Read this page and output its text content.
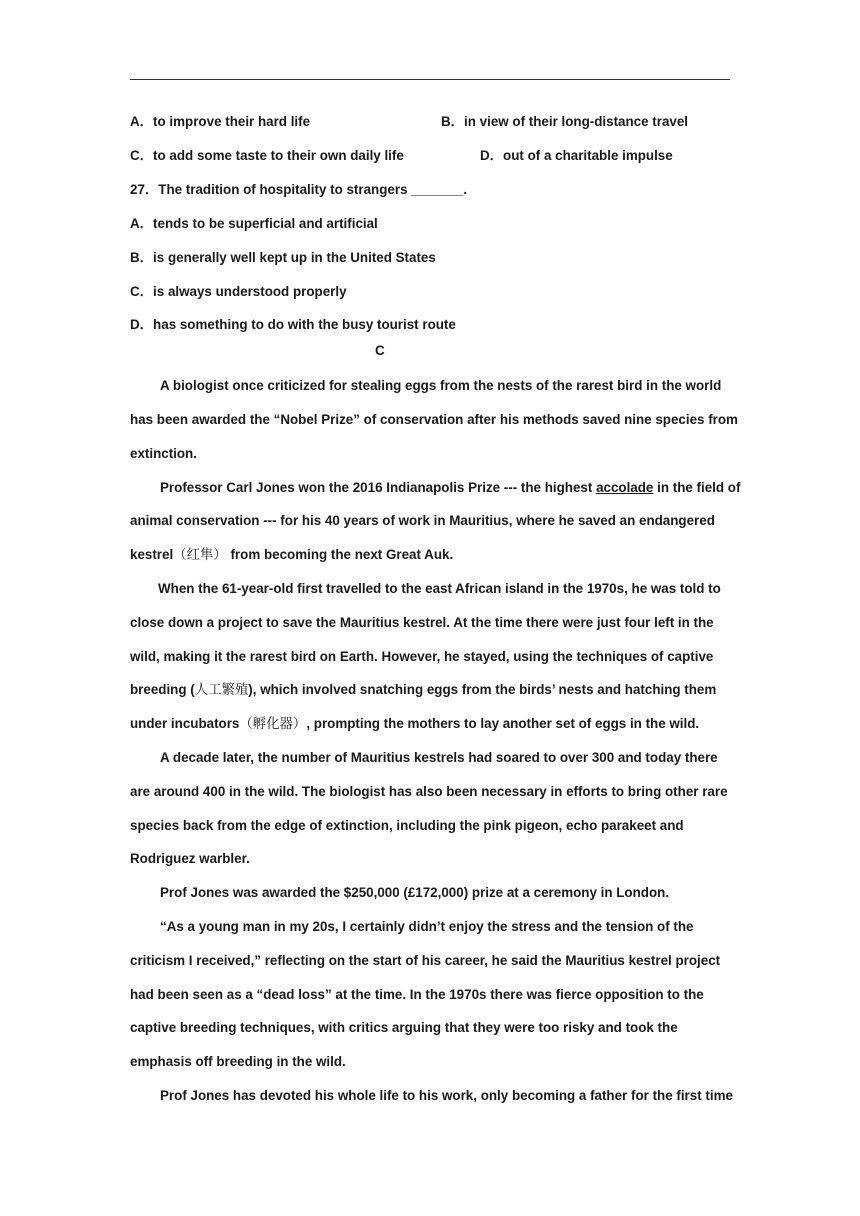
A．to improve their hard life	B．in view of their long-distance travel
C．to add some taste to their own daily life	D．out of a charitable impulse
27．The tradition of hospitality to strangers _______.
A．tends to be superficial and artificial
B．is generally well kept up in the United States
C．is always understood properly
D．has something to do with the busy tourist route
C
A biologist once criticized for stealing eggs from the nests of the rarest bird in the world
has been awarded the “Nobel Prize” of conservation after his methods saved nine species from
extinction.
Professor Carl Jones won the 2016 Indianapolis Prize --- the highest accolade in the field of
animal conservation --- for his 40 years of work in Mauritius, where he saved an endangered
kestrel（红隼） from becoming the next Great Auk.
When the 61-year-old first travelled to the east African island in the 1970s, he was told to
close down a project to save the Mauritius kestrel. At the time there were just four left in the
wild, making it the rarest bird on Earth. However, he stayed, using the techniques of captive
breeding (人工繁殖), which involved snatching eggs from the birds’ nests and hatching them
under incubators（孵化器）, prompting the mothers to lay another set of eggs in the wild.
A decade later, the number of Mauritius kestrels had soared to over 300 and today there
are around 400 in the wild. The biologist has also been necessary in efforts to bring other rare
species back from the edge of extinction, including the pink pigeon, echo parakeet and
Rodriguez warbler.
Prof Jones was awarded the $250,000 (£172,000) prize at a ceremony in London.
“As a young man in my 20s, I certainly didn’t enjoy the stress and the tension of the
criticism I received,” reflecting on the start of his career, he said the Mauritius kestrel project
had been seen as a “dead loss” at the time. In the 1970s there was fierce opposition to the
captive breeding techniques, with critics arguing that they were too risky and took the
emphasis off breeding in the wild.
Prof Jones has devoted his whole life to his work, only becoming a father for the first time
